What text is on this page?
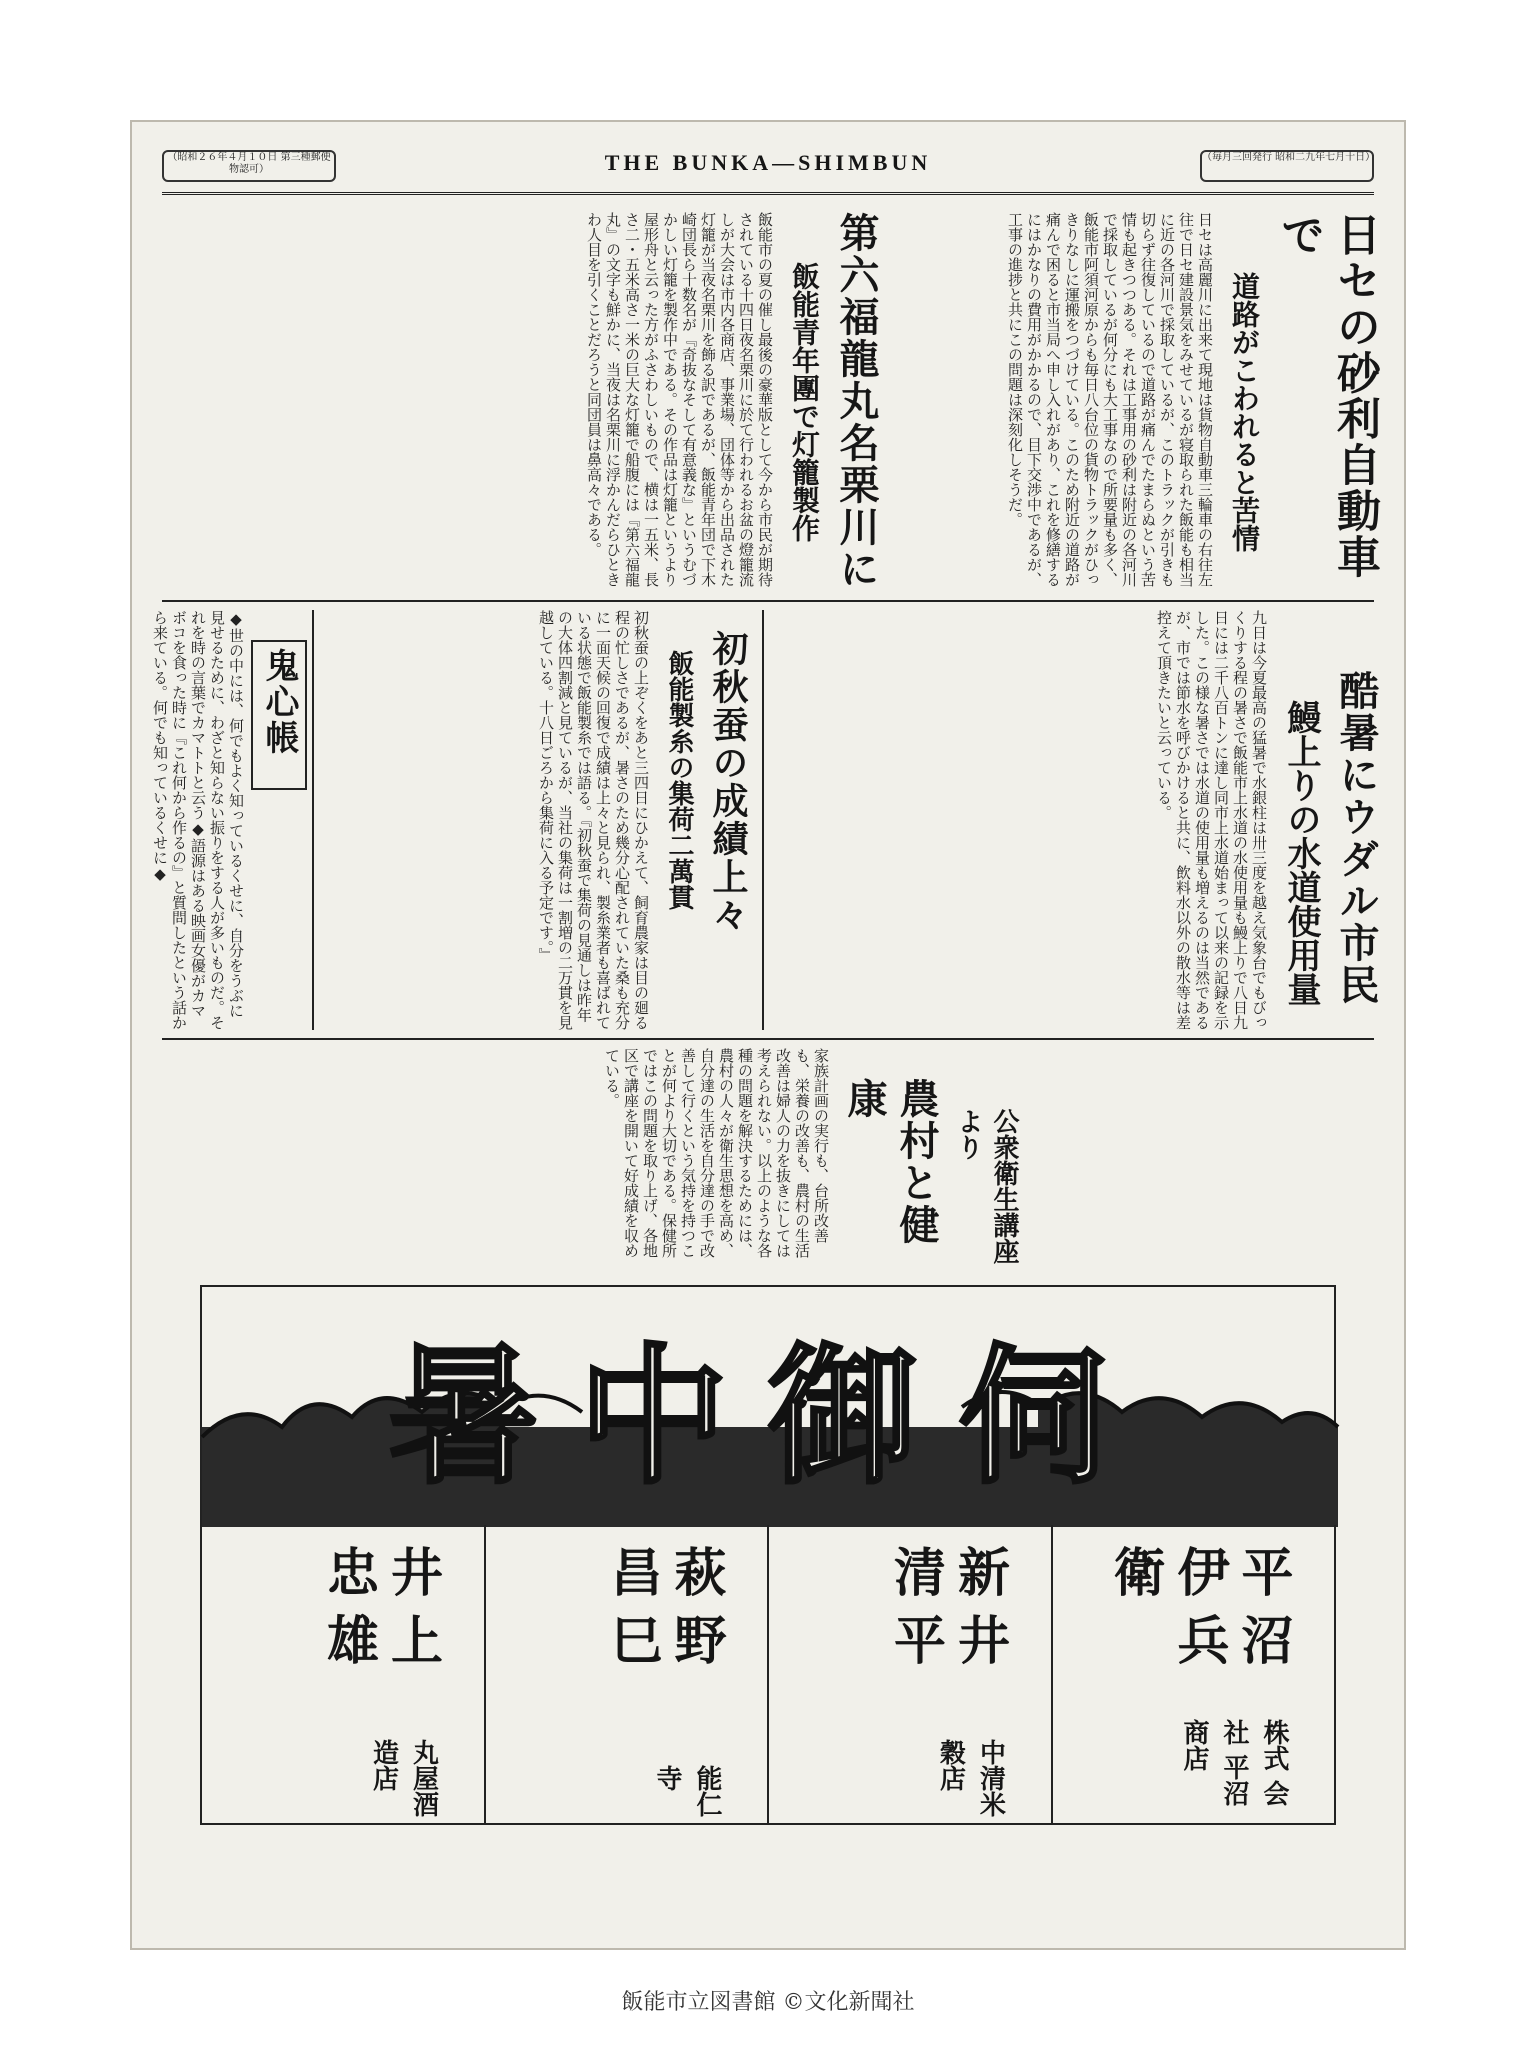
（昭和２６年４月１０日 第三種郵便物認可）	THE BUNKA—SHIMBUN	（毎月三回発行 昭和二九年七月十日）
日セの砂利自動車で
道路がこわれると苦情
日セは高麗川に出来て現地は貨物自動車三輪車の右往左往で日セ建設景気をみせているが寝取られた飯能も相当に近の各河川で採取しているが、このトラックが引きも切らず往復しているので道路が痛んでたまらぬという苦情も起きつつある。それは工事用の砂利は附近の各河川で採取しているが何分にも大工事なので所要量も多く、飯能市阿須河原からも毎日八台位の貨物トラックがひっきりなしに運搬をつづけている。このため附近の道路が痛んで困ると市当局へ申し入れがあり、これを修繕するにはかなりの費用がかかるので、目下交渉中であるが、工事の進捗と共にこの問題は深刻化しそうだ。
第六福龍丸名栗川に
飯能青年團で灯籠製作
飯能市の夏の催し最後の豪華版として今から市民が期待されている十四日夜名栗川に於て行われるお盆の燈籠流しが大会は市内各商店、事業場、団体等から出品された灯籠が当夜名栗川を飾る訳であるが、飯能青年団で下木崎団長ら十数名が『奇抜なそして有意義な』というむづかしい灯籠を製作中である。その作品は灯籠というより屋形舟と云った方がふさわしいもので、横は一五米、長さ二・五米高さ一米の巨大な灯籠で船腹には『第六福龍丸』の文字も鮮かに、当夜は名栗川に浮かんだらひときわ人目を引くことだろうと同団員は鼻高々である。
酷暑にウダル市民
鰻上りの水道使用量
九日は今夏最高の猛暑で水銀柱は卅三度を越え気象台でもびっくりする程の暑さで飯能市上水道の水使用量も鰻上りで八日九日には二千八百トンに達し同市上水道始まって以来の記録を示した。この様な暑さでは水道の使用量も増えるのは当然であるが、市では節水を呼びかけると共に、飲料水以外の散水等は差控えて頂きたいと云っている。
初秋蚕の成績上々
飯能製糸の集荷二萬貫
初秋蚕の上ぞくをあと三四日にひかえて、飼育農家は目の廻る程の忙しさであるが、暑さのため幾分心配されていた桑も充分に一面天候の回復で成績は上々と見られ、製糸業者も喜ばれている状態で飯能製糸では語る。『初秋蚕で集荷の見通しは昨年の大体四割減と見ているが、当社の集荷は一割増の二万貫を見越している。十八日ごろから集荷に入る予定です。』
鬼心帳
◆世の中には、何でもよく知っているくせに、自分をうぶに見せるために、わざと知らない振りをする人が多いものだ。それを時の言葉でカマトトと云う◆語源はある映画女優がカマボコを食った時に『これ何から作るの』と質問したという話から来ている。何でも知っているくせに◆
公衆衛生講座より
農村と健康
家族計画の実行も、台所改善も、栄養の改善も、農村の生活改善は婦人の力を抜きにしては考えられない。以上のような各種の問題を解決するためには、農村の人々が衛生思想を高め、自分達の生活を自分達の手で改善して行くという気持を持つことが何より大切である。保健所ではこの問題を取り上げ、各地区で講座を開いて好成績を収めている。
暑中御伺
株式 会社 平沼商店
平沼伊兵衛
中清米穀店
新井清平
能仁寺
萩野昌巳
丸屋酒造店
井上忠雄
飯能市立図書館 ©文化新聞社
